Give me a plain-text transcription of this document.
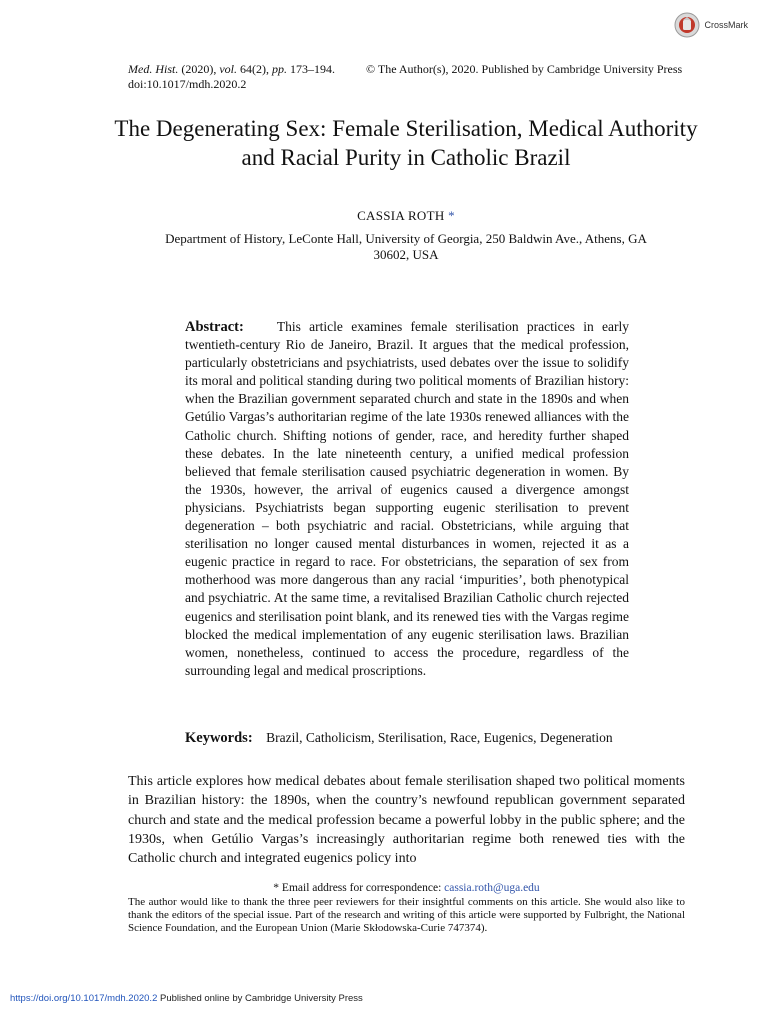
CrossMark
Med. Hist. (2020), vol. 64(2), pp. 173–194.
doi:10.1017/mdh.2020.2
© The Author(s), 2020. Published by Cambridge University Press
The Degenerating Sex: Female Sterilisation, Medical Authority and Racial Purity in Catholic Brazil
CASSIA ROTH *
Department of History, LeConte Hall, University of Georgia, 250 Baldwin Ave., Athens, GA 30602, USA
Abstract: This article examines female sterilisation practices in early twentieth-century Rio de Janeiro, Brazil. It argues that the medical profession, particularly obstetricians and psychiatrists, used debates over the issue to solidify its moral and political standing during two political moments of Brazilian history: when the Brazilian government separated church and state in the 1890s and when Getúlio Vargas’s authoritarian regime of the late 1930s renewed alliances with the Catholic church. Shifting notions of gender, race, and heredity further shaped these debates. In the late nineteenth century, a unified medical profession believed that female sterilisation caused psychiatric degeneration in women. By the 1930s, however, the arrival of eugenics caused a divergence amongst physicians. Psychiatrists began supporting eugenic sterilisation to prevent degeneration – both psychiatric and racial. Obstetricians, while arguing that sterilisation no longer caused mental disturbances in women, rejected it as a eugenic practice in regard to race. For obstetricians, the separation of sex from motherhood was more dangerous than any racial ‘impurities’, both phenotypical and psychiatric. At the same time, a revitalised Brazilian Catholic church rejected eugenics and sterilisation point blank, and its renewed ties with the Vargas regime blocked the medical implementation of any eugenic sterilisation laws. Brazilian women, nonetheless, continued to access the procedure, regardless of the surrounding legal and medical proscriptions.
Keywords: Brazil, Catholicism, Sterilisation, Race, Eugenics, Degeneration
This article explores how medical debates about female sterilisation shaped two political moments in Brazilian history: the 1890s, when the country’s newfound republican government separated church and state and the medical profession became a powerful lobby in the public sphere; and the 1930s, when Getúlio Vargas’s increasingly authoritarian regime both renewed ties with the Catholic church and integrated eugenics policy into
* Email address for correspondence: cassia.roth@uga.edu
The author would like to thank the three peer reviewers for their insightful comments on this article. She would also like to thank the editors of the special issue. Part of the research and writing of this article were supported by Fulbright, the National Science Foundation, and the European Union (Marie Skłodowska-Curie 747374).
https://doi.org/10.1017/mdh.2020.2 Published online by Cambridge University Press
